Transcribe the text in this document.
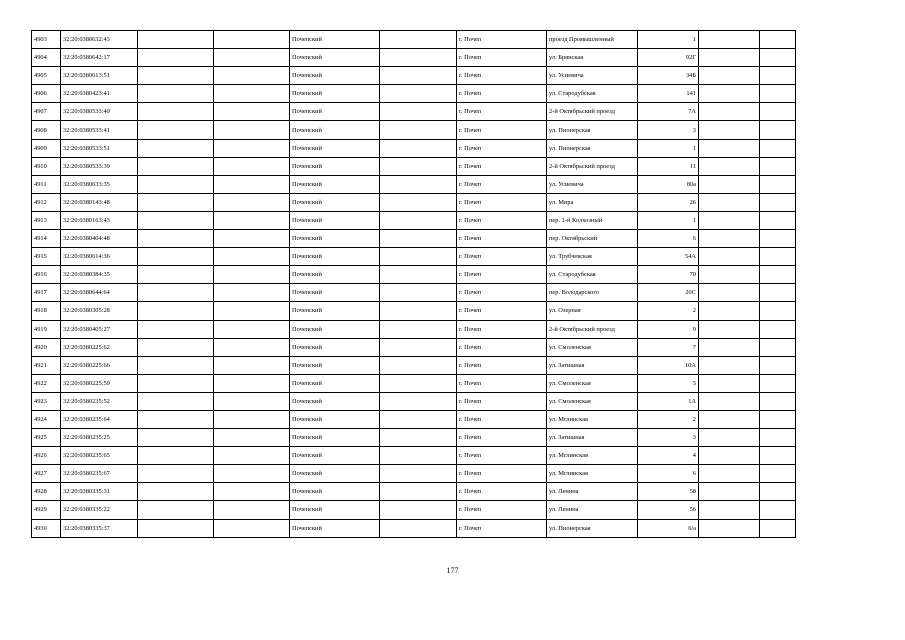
4903	32:20:0380632:43			Почепский		г. Почеп	проезд Промышленный	1		
4904	32:20:0380642:17			Почепский		г. Почеп	ул. Брянская	92Г		
4905	32:20:0380613:51			Почепский		г. Почеп	ул. Усиевича	34Б		
4906	32:20:0380423:41			Почепский		г. Почеп	ул. Стародубская	141		
4907	32:20:0380533:40			Почепский		г. Почеп	2-й Октябрьский проезд	7А		
4908	32:20:0380533:41			Почепский		г. Почеп	ул. Пионерская	3		
4909	32:20:0380533:51			Почепский		г. Почеп	ул. Пионерская	1		
4910	32:20:0380533:39			Почепский		г. Почеп	2-й Октябрьский проезд	11		
4911	32:20:0380633:35			Почепский		г. Почеп	ул. Усиевича	80а		
4912	32:20:0380143:48			Почепский		г. Почеп	ул. Мира	26		
4913	32:20:0380163:43			Почепский		г. Почеп	пер. 1-й Колхозный	1		
4914	32:20:0380404:48			Почепский		г. Почеп	пер. Октябрьский	6		
4915	32:20:0380614:36			Почепский		г. Почеп	ул. Трубчевская	54А		
4916	32:20:0380384:35			Почепский		г. Почеп	ул. Стародубская	70		
4917	32:20:0380644:64			Почепский		г. Почеп	пер. Володарского	20С		
4918	32:20:0380305:28			Почепский		г. Почеп	ул. Озерная	2		
4919	32:20:0380405:27			Почепский		г. Почеп	2-й Октябрьский проезд	9		
4920	32:20:0380225:62			Почепский		г. Почеп	ул. Смоленская	7		
4921	32:20:0380225:66			Почепский		г. Почеп	ул. Затишная	10А		
4922	32:20:0380225:59			Почепский		г. Почеп	ул. Смоленская	5		
4923	32:20:0380235:52			Почепский		г. Почеп	ул. Смоленская	1А		
4924	32:20:0380235:64			Почепский		г. Почеп	ул. Мглинская	2		
4925	32:20:0380235:25			Почепский		г. Почеп	ул. Затишная	3		
4926	32:20:0380235:65			Почепский		г. Почеп	ул. Мглинская	4		
4927	32:20:0380235:67			Почепский		г. Почеп	ул. Мглинская	6		
4928	32:20:0380335:31			Почепский		г. Почеп	ул. Ленина	58		
4929	32:20:0380335:22			Почепский		г. Почеп	ул. Ленина	56		
4930	32:20:0380335:37			Почепский		г. Почеп	ул. Пионерская	6/а		
177
